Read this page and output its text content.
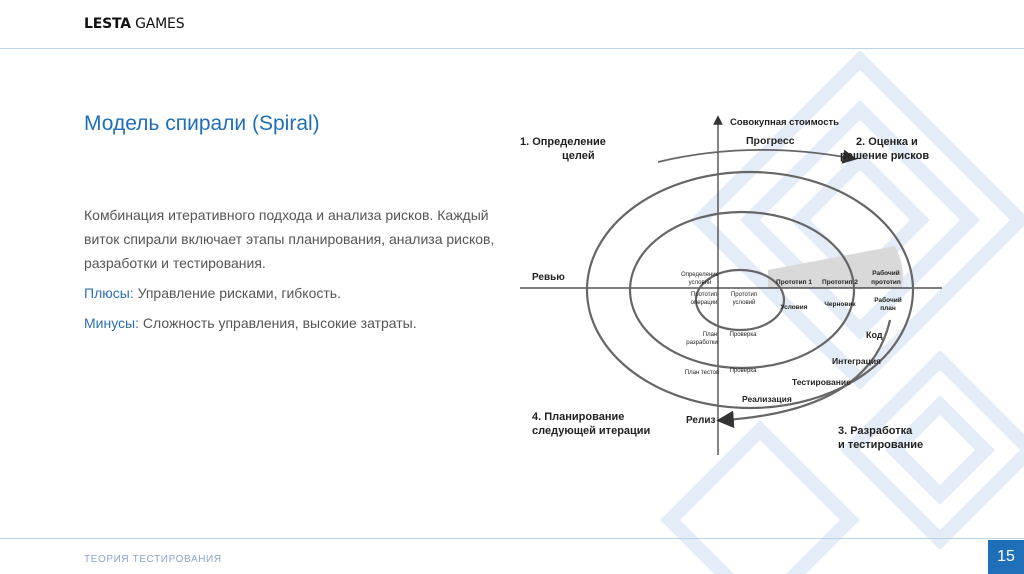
LESTA GAMES
Модель спирали (Spiral)

Комбинация итеративного подхода и анализа рисков. Каждый виток спирали включает этапы планирования, анализа рисков, разработки и тестирования.

Плюсы: Управление рисками, гибкость.

Минусы: Сложность управления, высокие затраты.

Совокупная стоимость
Прогресс
1. Определение
целей
2. Оценка и
решение рисков
3. Разработка
и тестирование
4. Планирование
следующей итерации
Ревью
Релиз
Код
Интеграция
Тестирование
Реализация
Определение
условий
Прототип
операции
Прототип
условий
План
разработки
Проверка
План тестов Проверка
Прототип 1 Прототип 2
Рабочий
прототип
Условия	Черновик
Рабочий
план
ТЕОРИЯ ТЕСТИРОВАНИЯ	15
